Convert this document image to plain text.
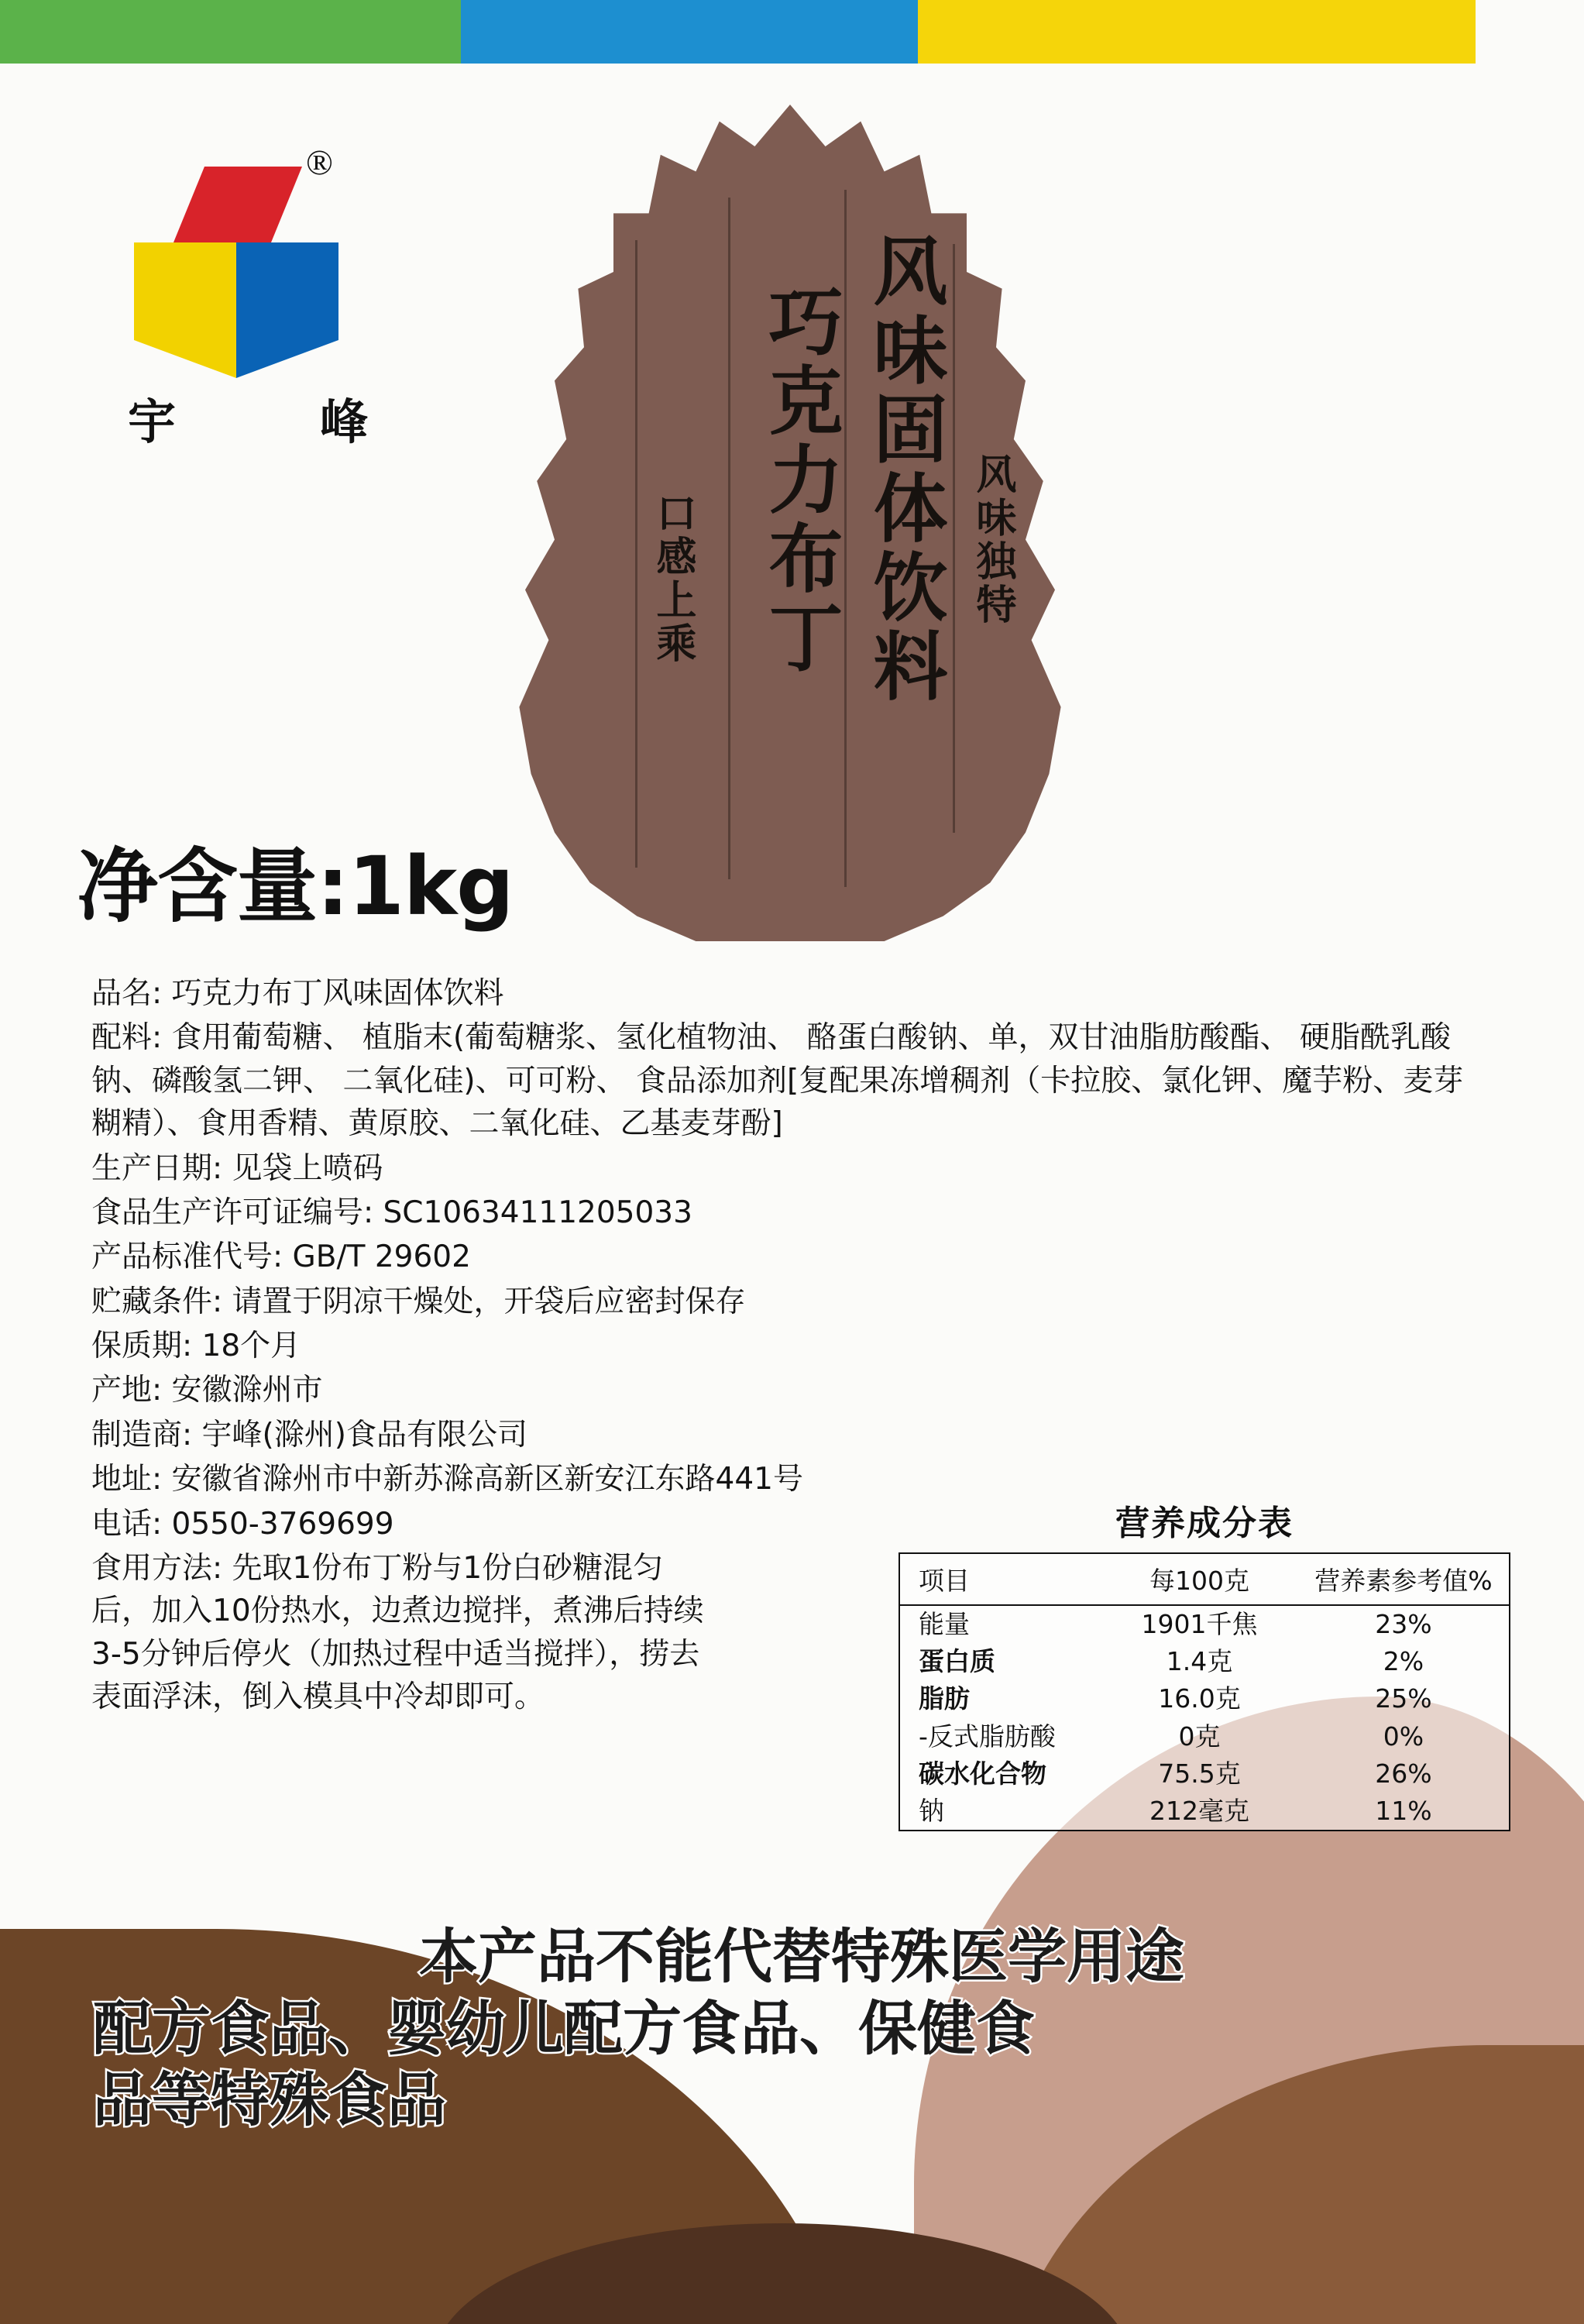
®
宇	峰	风味固体饮料
巧克力布丁
口感上乘	风味独特
净含量:1kg

品名: 巧克力布丁风味固体饮料

配料: 食用葡萄糖、 植脂末(葡萄糖浆、氢化植物油、 酪蛋白酸钠、单，双甘油脂肪酸酯、 硬脂酰乳酸钠、磷酸氢二钾、 二氧化硅)、可可粉、 食品添加剂[复配果冻增稠剂（卡拉胶、氯化钾、魔芋粉、麦芽糊精）、食用香精、黄原胶、二氧化硅、乙基麦芽酚]

生产日期: 见袋上喷码

食品生产许可证编号: SC10634111205033

产品标准代号: GB/T 29602

贮藏条件: 请置于阴凉干燥处，开袋后应密封保存

保质期: 18个月

产地: 安徽滁州市

制造商: 宇峰(滁州)食品有限公司

地址: 安徽省滁州市中新苏滁高新区新安江东路441号

电话: 0550-3769699

食用方法: 先取1份布丁粉与1份白砂糖混匀后，加入10份热水，边煮边搅拌，煮沸后持续3-5分钟后停火（加热过程中适当搅拌），捞去表面浮沫，倒入模具中冷却即可。

营养成分表
项目	每100克	营养素参考值%
能量	1901千焦	23%
蛋白质	1.4克	2%
脂肪	16.0克	25%
-反式脂肪酸	0克	0%
碳水化合物	75.5克	26%
钠	212毫克	11%
本产品不能代替特殊医学用途
配方食品、婴幼儿配方食品、保健食
品等特殊食品
